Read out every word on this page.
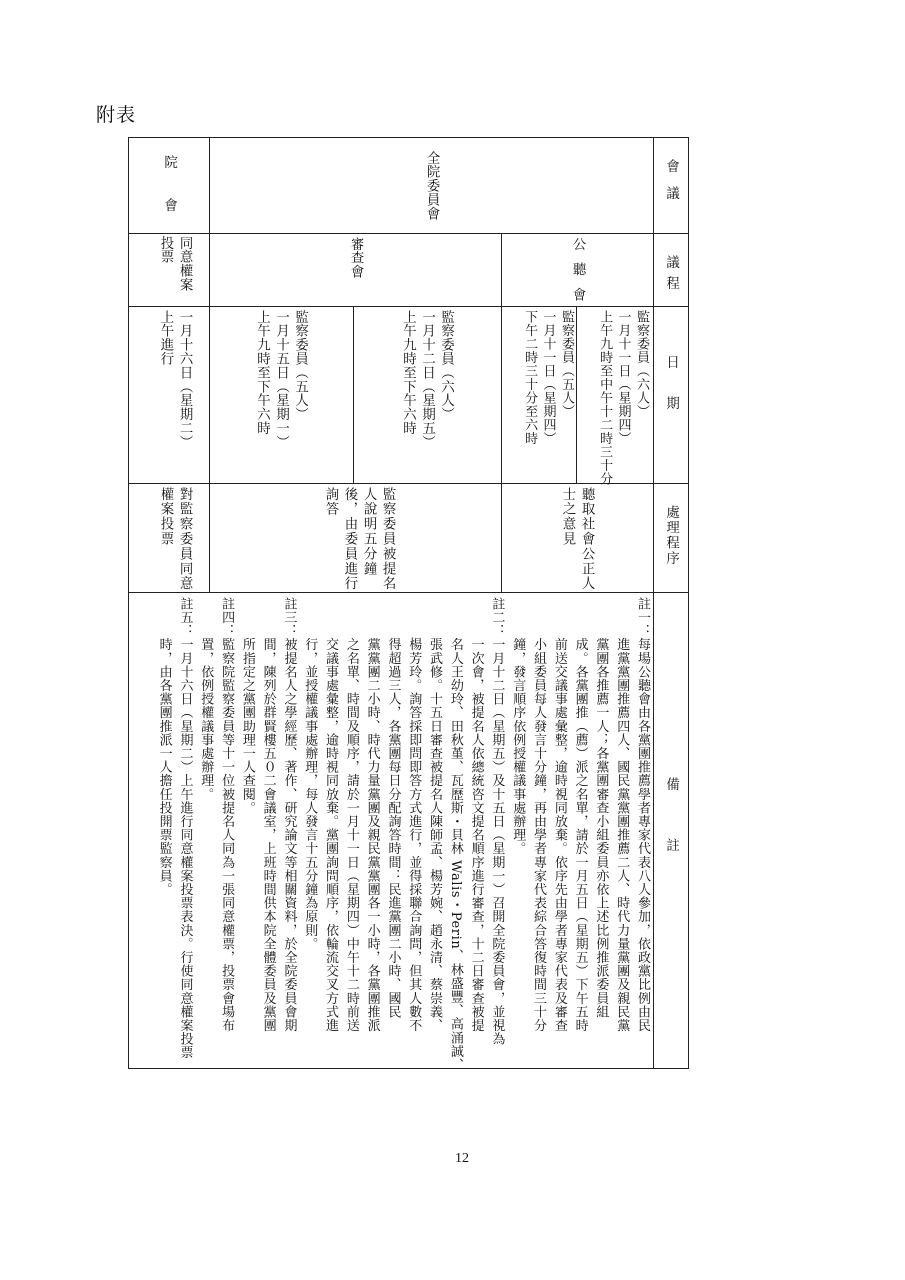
附表
會議
議程
日期
處理程序
備註
全院委員會
院會
公聽會
審查會
同意權案
投票
監察委員（六人）
一月十一日（星期四）
上午九時至中午十二時三十分
監察委員（五人）
一月十一日（星期四）
下午二時三十分至六時
監察委員（六人）
一月十二日（星期五）
上午九時至下午六時
監察委員（五人）
一月十五日（星期一）
上午九時至下午六時
一月十六日（星期二）
上午進行
聽取社會公正人
士之意見
監察委員被提名
人說明五分鐘
後，由委員進行
詢答
對監察委員同意
權案投票
註一：每場公聽會由各黨團推薦學者專家代表八人參加，依政黨比例由民
　　　進黨黨團推薦四人、國民黨黨團推薦二人、時代力量黨團及親民黨
　　　黨團各推薦一人；各黨團審查小組委員亦依上述比例推派委員組
　　　成。各黨團推（薦）派之名單，請於一月五日（星期五）下午五時
　　　前送交議事處彙整，逾時視同放棄。依序先由學者專家代表及審查
　　　小組委員每人發言十分鐘，再由學者專家代表綜合答復時間三十分
　　　鐘，發言順序依例授權議事處辦理。
註二：一月十二日（星期五）及十五日（星期一）召開全院委員會，並視為
　　　一次會，被提名人依總統咨文提名順序進行審查，十二日審查被提
　　　名人王幼玲、田秋堇、瓦歷斯・貝林 Walis・Perin、林盛豐、高涌誠、
　　　張武修。十五日審查被提名人陳師孟、楊芳婉、趙永清、蔡崇義、
　　　楊芳玲。詢答採即問即答方式進行，並得採聯合詢問，但其人數不
　　　得超過三人，各黨團每日分配詢答時間：民進黨團二小時、國民
　　　黨黨團二小時、時代力量黨團及親民黨黨團各一小時，各黨團推派
　　　之名單、時間及順序，請於一月十一日（星期四）中午十二時前送
　　　交議事處彙整，逾時視同放棄。黨團詢問順序，依輪流交叉方式進
　　　行，並授權議事處辦理，每人發言十五分鐘為原則。
註三：被提名人之學經歷、著作、研究論文等相關資料，於全院委員會期
　　　間，陳列於群賢樓五０二會議室，上班時間供本院全體委員及黨團
　　　所指定之黨團助理一人查閱。
註四：監察院監察委員等十一位被提名人同為一張同意權票，投票會場布
　　　置，依例授權議事處辦理。
註五：一月十六日（星期二）上午進行同意權案投票表決。行使同意權案投票
　　　時，由各黨團推派一人擔任投開票監察員。
12
